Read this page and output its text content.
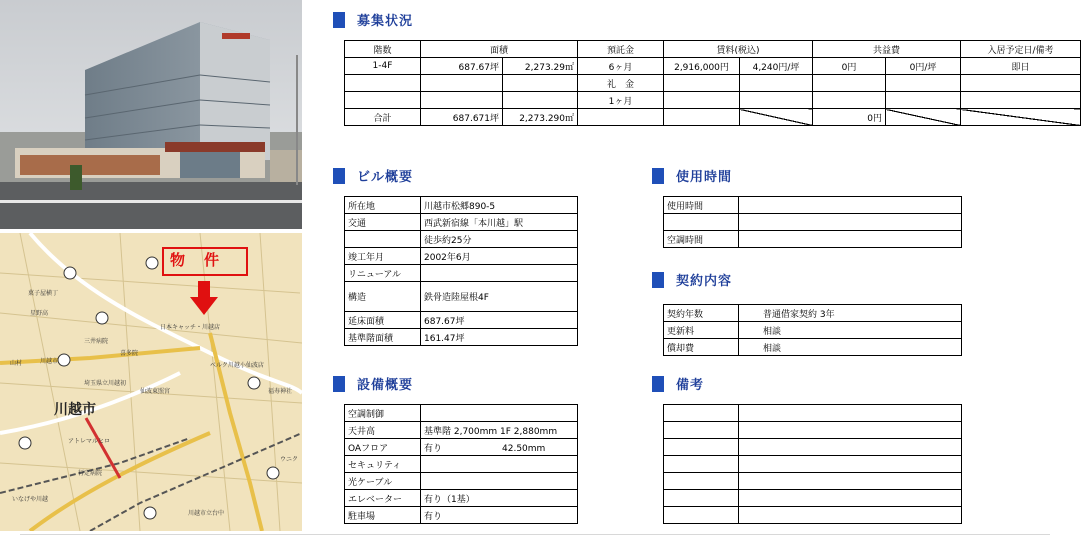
菓子屋横丁
星野高
三井病院
喜多院
日本キャッチ・川越店
ベルク川越小仙波店
埼玉県立川越初
仙波東照宮
アトレマルヒロ
行定病院
いなげや川越
川越市立台中
福寿神社
ウニク
川越市
山村
物　件
川越市
募集状況
階数	面積		預託金	賃料(税込)		共益費		入居予定日/備考
1-4F	687.67坪	2,273.29㎡	6ヶ月	2,916,000円	4,240円/坪	0円	0円/坪	即日
			礼　金					
			1ヶ月					
合計	687.671坪	2,273.290㎡				0円		
ビル概要
所在地	川越市松郷890-5
交通	西武新宿線「本川越」駅
	徒歩約25分
竣工年月	2002年6月
リニューアル	
構造	鉄骨造陸屋根4F
延床面積	687.67坪
基準階面積	161.47坪
設備概要
空調制御	
天井高	基準階 2,700mm 1F 2,880mm
OAフロア	有り 42.50mm
セキュリティ	
光ケーブル	
エレベーター	有り（1基）
駐車場	有り
使用時間
使用時間	

空調時間	
契約内容
契約年数	普通借家契約 3年
更新料	相談
償却費	相談
備考
